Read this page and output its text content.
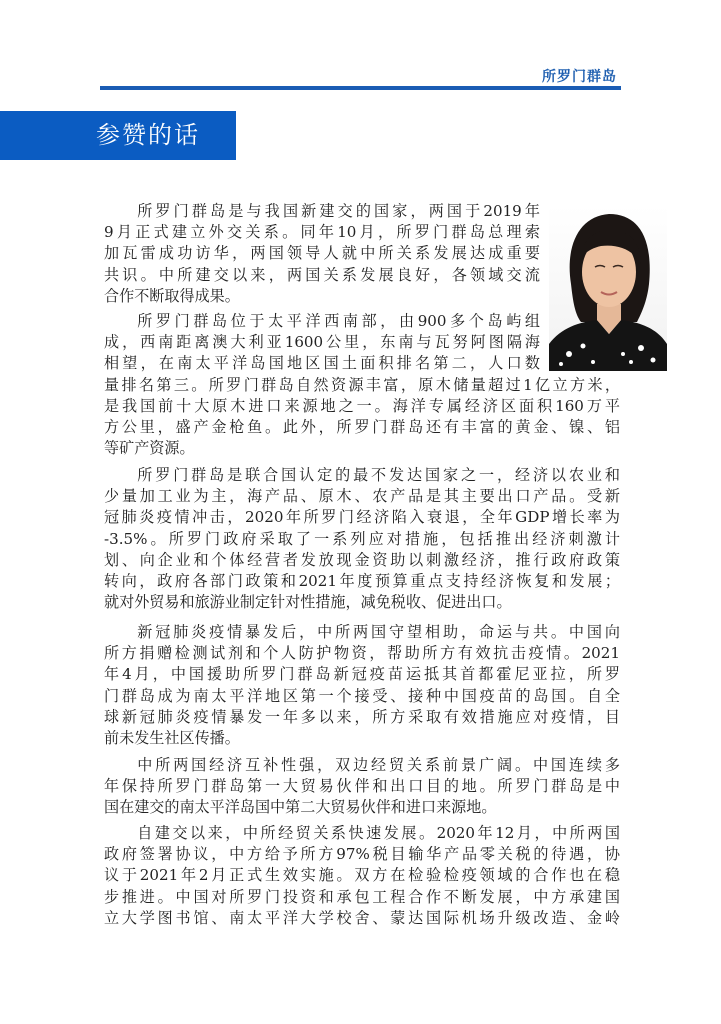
所罗门群岛
参赞的话
所罗门群岛是与我国新建交的国家，两国于2019年
9月正式建立外交关系。同年10月，所罗门群岛总理索
加瓦雷成功访华，两国领导人就中所关系发展达成重要
共识。中所建交以来，两国关系发展良好，各领域交流
合作不断取得成果。
所罗门群岛位于太平洋西南部，由900多个岛屿组
成，西南距离澳大利亚1600公里，东南与瓦努阿图隔海
相望，在南太平洋岛国地区国土面积排名第二，人口数
量排名第三。所罗门群岛自然资源丰富，原木储量超过1亿立方米，
是我国前十大原木进口来源地之一。海洋专属经济区面积160万平
方公里，盛产金枪鱼。此外，所罗门群岛还有丰富的黄金、镍、铝
等矿产资源。
所罗门群岛是联合国认定的最不发达国家之一，经济以农业和
少量加工业为主，海产品、原木、农产品是其主要出口产品。受新
冠肺炎疫情冲击，2020年所罗门经济陷入衰退，全年GDP增长率为
-3.5%。所罗门政府采取了一系列应对措施，包括推出经济刺激计
划、向企业和个体经营者发放现金资助以刺激经济，推行政府政策
转向，政府各部门政策和2021年度预算重点支持经济恢复和发展；
就对外贸易和旅游业制定针对性措施，减免税收、促进出口。
新冠肺炎疫情暴发后，中所两国守望相助，命运与共。中国向
所方捐赠检测试剂和个人防护物资，帮助所方有效抗击疫情。2021
年4月，中国援助所罗门群岛新冠疫苗运抵其首都霍尼亚拉，所罗
门群岛成为南太平洋地区第一个接受、接种中国疫苗的岛国。自全
球新冠肺炎疫情暴发一年多以来，所方采取有效措施应对疫情，目
前未发生社区传播。
中所两国经济互补性强，双边经贸关系前景广阔。中国连续多
年保持所罗门群岛第一大贸易伙伴和出口目的地。所罗门群岛是中
国在建交的南太平洋岛国中第二大贸易伙伴和进口来源地。
自建交以来，中所经贸关系快速发展。2020年12月，中所两国
政府签署协议，中方给予所方97%税目输华产品零关税的待遇，协
议于2021年2月正式生效实施。双方在检验检疫领域的合作也在稳
步推进。中国对所罗门投资和承包工程合作不断发展，中方承建国
立大学图书馆、南太平洋大学校舍、蒙达国际机场升级改造、金岭
